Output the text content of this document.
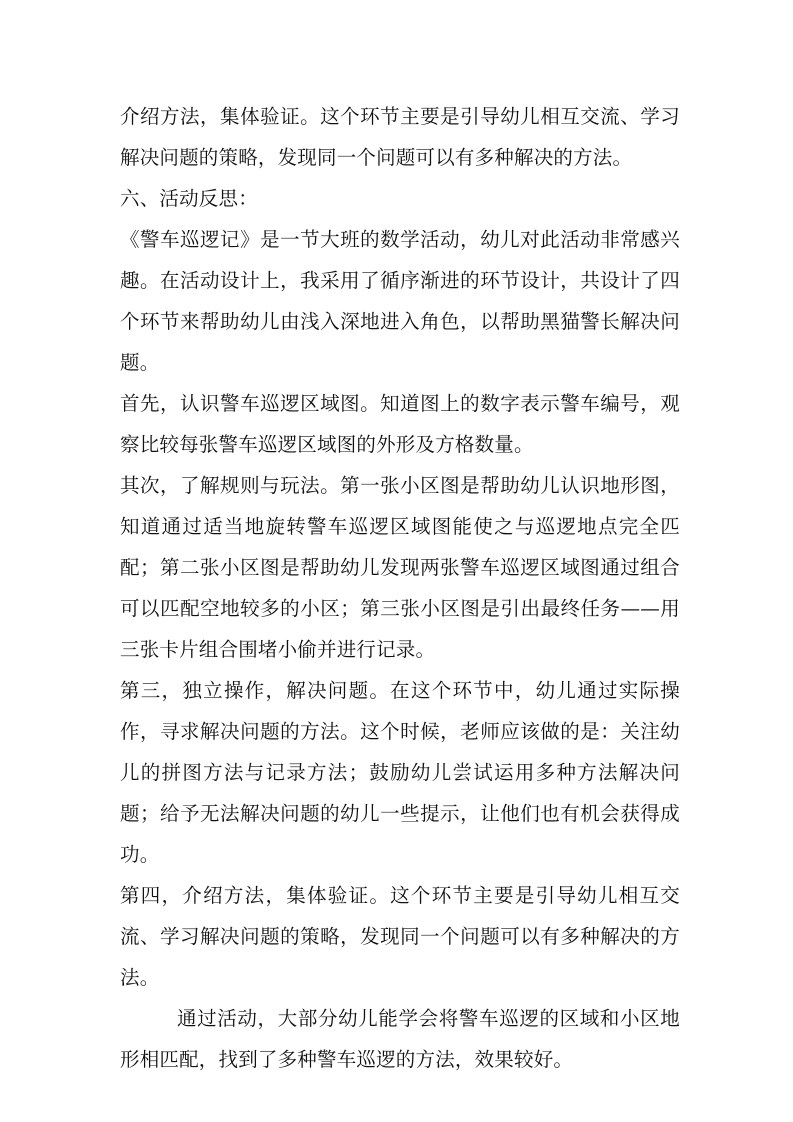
介绍方法，集体验证。这个环节主要是引导幼儿相互交流、学习解决问题的策略，发现同一个问题可以有多种解决的方法。

六、活动反思：

《警车巡逻记》是一节大班的数学活动，幼儿对此活动非常感兴趣。在活动设计上，我采用了循序渐进的环节设计，共设计了四个环节来帮助幼儿由浅入深地进入角色，以帮助黑猫警长解决问题。

首先，认识警车巡逻区域图。知道图上的数字表示警车编号，观察比较每张警车巡逻区域图的外形及方格数量。

其次，了解规则与玩法。第一张小区图是帮助幼儿认识地形图，知道通过适当地旋转警车巡逻区域图能使之与巡逻地点完全匹配；第二张小区图是帮助幼儿发现两张警车巡逻区域图通过组合可以匹配空地较多的小区；第三张小区图是引出最终任务——用三张卡片组合围堵小偷并进行记录。

第三，独立操作，解决问题。在这个环节中，幼儿通过实际操作，寻求解决问题的方法。这个时候，老师应该做的是：关注幼儿的拼图方法与记录方法；鼓励幼儿尝试运用多种方法解决问题；给予无法解决问题的幼儿一些提示，让他们也有机会获得成功。

第四，介绍方法，集体验证。这个环节主要是引导幼儿相互交流、学习解决问题的策略，发现同一个问题可以有多种解决的方法。

通过活动，大部分幼儿能学会将警车巡逻的区域和小区地形相匹配，找到了多种警车巡逻的方法，效果较好。
